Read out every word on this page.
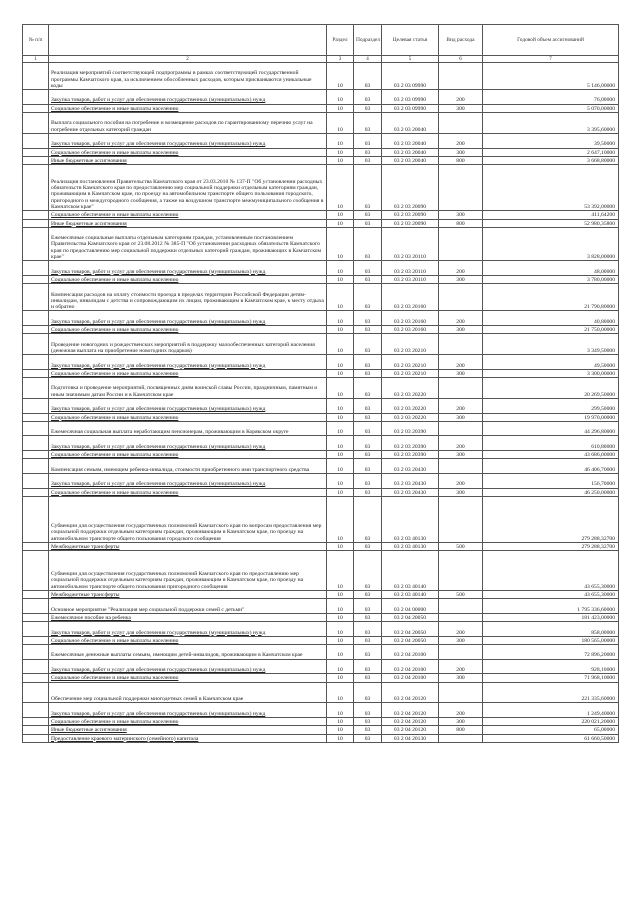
№ п/п		Раздел	Подраздел	Целевая статья	Вид расхода	Годовой объем ассигнований
1	2	3	4	5	6	7
	Реализация мероприятий соответствующей подпрограммы в рамках соответствующей государственной программы Камчатского края, за исключением обособленных расходов, которым присваиваются уникальные коды	10	03	03 2 03 09990		5 146,00000
	Закупка товаров, работ и услуг для обеспечения государственных (муниципальных) нужд	10	03	03 2 03 09990	200	76,00000
	Социальное обеспечение и иные выплаты населению	10	03	03 2 03 09990	300	5 070,00000
	Выплата социального пособия на погребение и возмещение расходов по гарантированному перечню услуг на погребение отдельных категорий граждан	10	03	03 2 03 20040		3 395,60000
	Закупка товаров, работ и услуг для обеспечения государственных (муниципальных) нужд	10	03	03 2 03 20040	200	39,50000
	Социальное обеспечение и иные выплаты населению	10	03	03 2 03 20040	300	2 647,10000
	Иные бюджетные ассигнования	10	03	03 2 03 20040	800	3 668,80000
	Реализация постановления Правительства Камчатского края от 23.03.2010 № 137-П "Об установлении расходных обязательств Камчатского края по предоставлению мер социальной поддержки отдельным категориям граждан, проживающим в Камчатском крае, по проезду на автомобильном транспорте общего пользования городского, пригородного и междугородного сообщения, а также на воздушном транспорте межмуниципального сообщения в Камчатском крае"	10	03	03 2 03 20090		53 392,00000
	Социальное обеспечение и иные выплаты населению	10	03	03 2 03 20090	300	411,64200
	Иные бюджетные ассигнования	10	03	03 2 03 20090	800	52 980,35800
	Ежемесячные социальные выплаты отдельным категориям граждан, установленным постановлением Правительства Камчатского края от 23.08.2012 № 385-П "Об установлении расходных обязательств Камчатского края по предоставлению мер социальной поддержки отдельных категорий граждан, проживающих в Камчатском крае"	10	03	03 2 03 20110		3 828,00000
	Закупка товаров, работ и услуг для обеспечения государственных (муниципальных) нужд	10	03	03 2 03 20110	200	48,00000
	Социальное обеспечение и иные выплаты населению	10	03	03 2 03 20110	300	3 780,00000
	Компенсация расходов на оплату стоимости проезда в пределах территории Российской Федерации детям-инвалидам, инвалидам с детства и сопровождающим их лицам, проживающим в Камчатском крае, к месту отдыха и обратно	10	03	03 2 03 20160		21 790,80000
	Закупка товаров, работ и услуг для обеспечения государственных (муниципальных) нужд	10	03	03 2 03 20160	200	40,80000
	Социальное обеспечение и иные выплаты населению	10	03	03 2 03 20160	300	21 750,00000
	Проведение новогодних и рождественских мероприятий в поддержку малообеспеченных категорий населения (денежная выплата на приобретение новогодних подарков)	10	03	03 2 03 20210		3 349,50000
	Закупка товаров, работ и услуг для обеспечения государственных (муниципальных) нужд	10	03	03 2 03 20210	200	49,50000
	Социальное обеспечение и иные выплаты населению	10	03	03 2 03 20210	300	3 300,00000
	Подготовка и проведение мероприятий, посвященных дням воинской славы России, праздничным, памятным и иным значимым датам России и в Камчатском крае	10	03	03 2 03 20220		20 269,50000
	Закупка товаров, работ и услуг для обеспечения государственных (муниципальных) нужд	10	03	03 2 03 20220	200	299,50000
	Социальное обеспечение и иные выплаты населению	10	03	03 2 03 20220	300	19 970,00000
	Ежемесячная социальная выплата неработающим пенсионерам, проживающим в Корякском округе	10	03	03 2 03 20390		44 296,80000
	Закупка товаров, работ и услуг для обеспечения государственных (муниципальных) нужд	10	03	03 2 03 20390	200	610,80000
	Социальное обеспечение и иные выплаты населению	10	03	03 2 03 20390	300	43 686,00000
	Компенсация семьям, имеющим ребенка-инвалида, стоимости приобретенного ими транспортного средства	10	03	03 2 03 20430		46 406,70000
	Закупка товаров, работ и услуг для обеспечения государственных (муниципальных) нужд	10	03	03 2 03 20430	200	156,70000
	Социальное обеспечение и иные выплаты населению	10	03	03 2 03 20430	300	46 250,00000
	Субвенции для осуществления государственных полномочий Камчатского края по вопросам предоставления мер социальной поддержки отдельным категориям граждан, проживающим в Камчатском крае, по проезду на автомобильном транспорте общего пользования городского сообщения	10	03	03 2 03 40130		279 288,32700
	Межбюджетные трансферты	10	03	03 2 03 40130	500	279 288,32700
	Субвенции для осуществления государственных полномочий Камчатского края по предоставлению мер социальной поддержки отдельным категориям граждан, проживающим в Камчатском крае, по проезду на автомобильном транспорте общего пользования пригородного сообщения	10	03	03 2 03 40140		43 655,30000
	Межбюджетные трансферты	10	03	03 2 03 40140	500	43 655,30000
	Основное мероприятие "Реализация мер социальной поддержки семей с детьми"	10	03	03 2 04 00000		1 795 336,60000
	Ежемесячное пособие на ребенка	10	03	03 2 04 20050		181 423,00000
	Закупка товаров, работ и услуг для обеспечения государственных (муниципальных) нужд	10	03	03 2 04 20050	200	858,00000
	Социальное обеспечение и иные выплаты населению	10	03	03 2 04 20050	300	180 565,00000
	Ежемесячные денежные выплаты семьям, имеющим детей-инвалидов, проживающим в Камчатском крае	10	03	03 2 04 20100		72 896,20000
	Закупка товаров, работ и услуг для обеспечения государственных (муниципальных) нужд	10	03	03 2 04 20100	200	928,10000
	Социальное обеспечение и иные выплаты населению	10	03	03 2 04 20100	300	71 968,10000
	Обеспечение мер социальной поддержки многодетных семей в Камчатском крае	10	03	03 2 04 20120		221 335,60000
	Закупка товаров, работ и услуг для обеспечения государственных (муниципальных) нужд	10	03	03 2 04 20120	200	1 249,40000
	Социальное обеспечение и иные выплаты населению	10	03	03 2 04 20120	300	220 021,20000
	Иные бюджетные ассигнования	10	03	03 2 04 20120	800	65,00000
	Предоставление краевого материнского (семейного) капитала	10	03	03 2 04 20130		61 660,50000
